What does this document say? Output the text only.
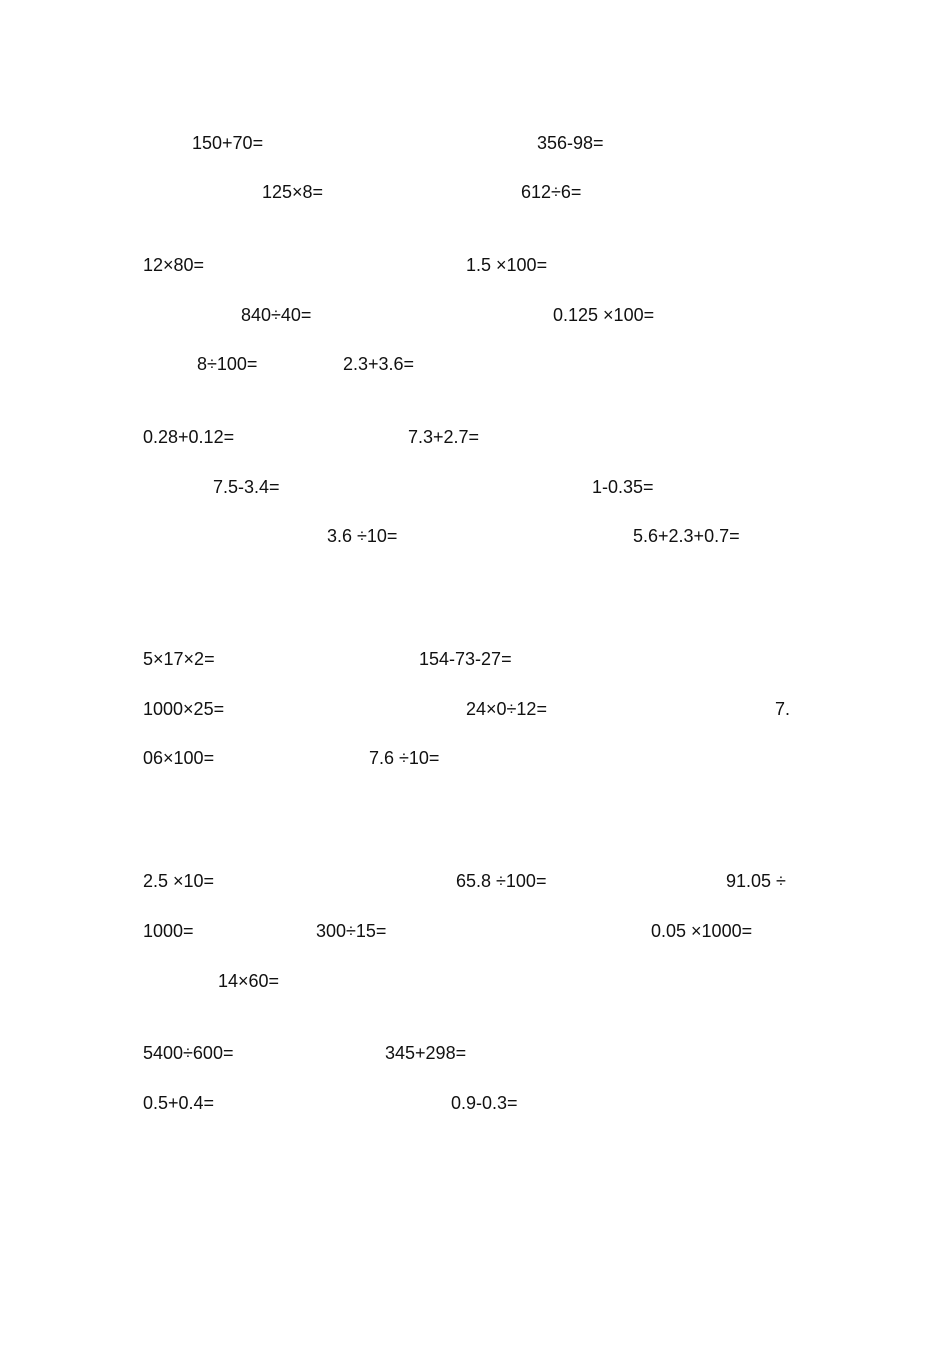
150+70=	356-98=
125×8=	612÷6=
12×80=	1.5 ×100=
840÷40=	0.125 ×100=
8÷100=	2.3+3.6=
0.28+0.12=	7.3+2.7=
7.5-3.4=	1-0.35=
3.6 ÷10=	5.6+2.3+0.7=
5×17×2=	154-73-27=
1000×25=	24×0÷12=	7.
06×100=	7.6 ÷10=
2.5 ×10=	65.8 ÷100=	91.05 ÷
1000=	300÷15=	0.05 ×1000=
14×60=
5400÷600=	345+298=
0.5+0.4=	0.9-0.3=
